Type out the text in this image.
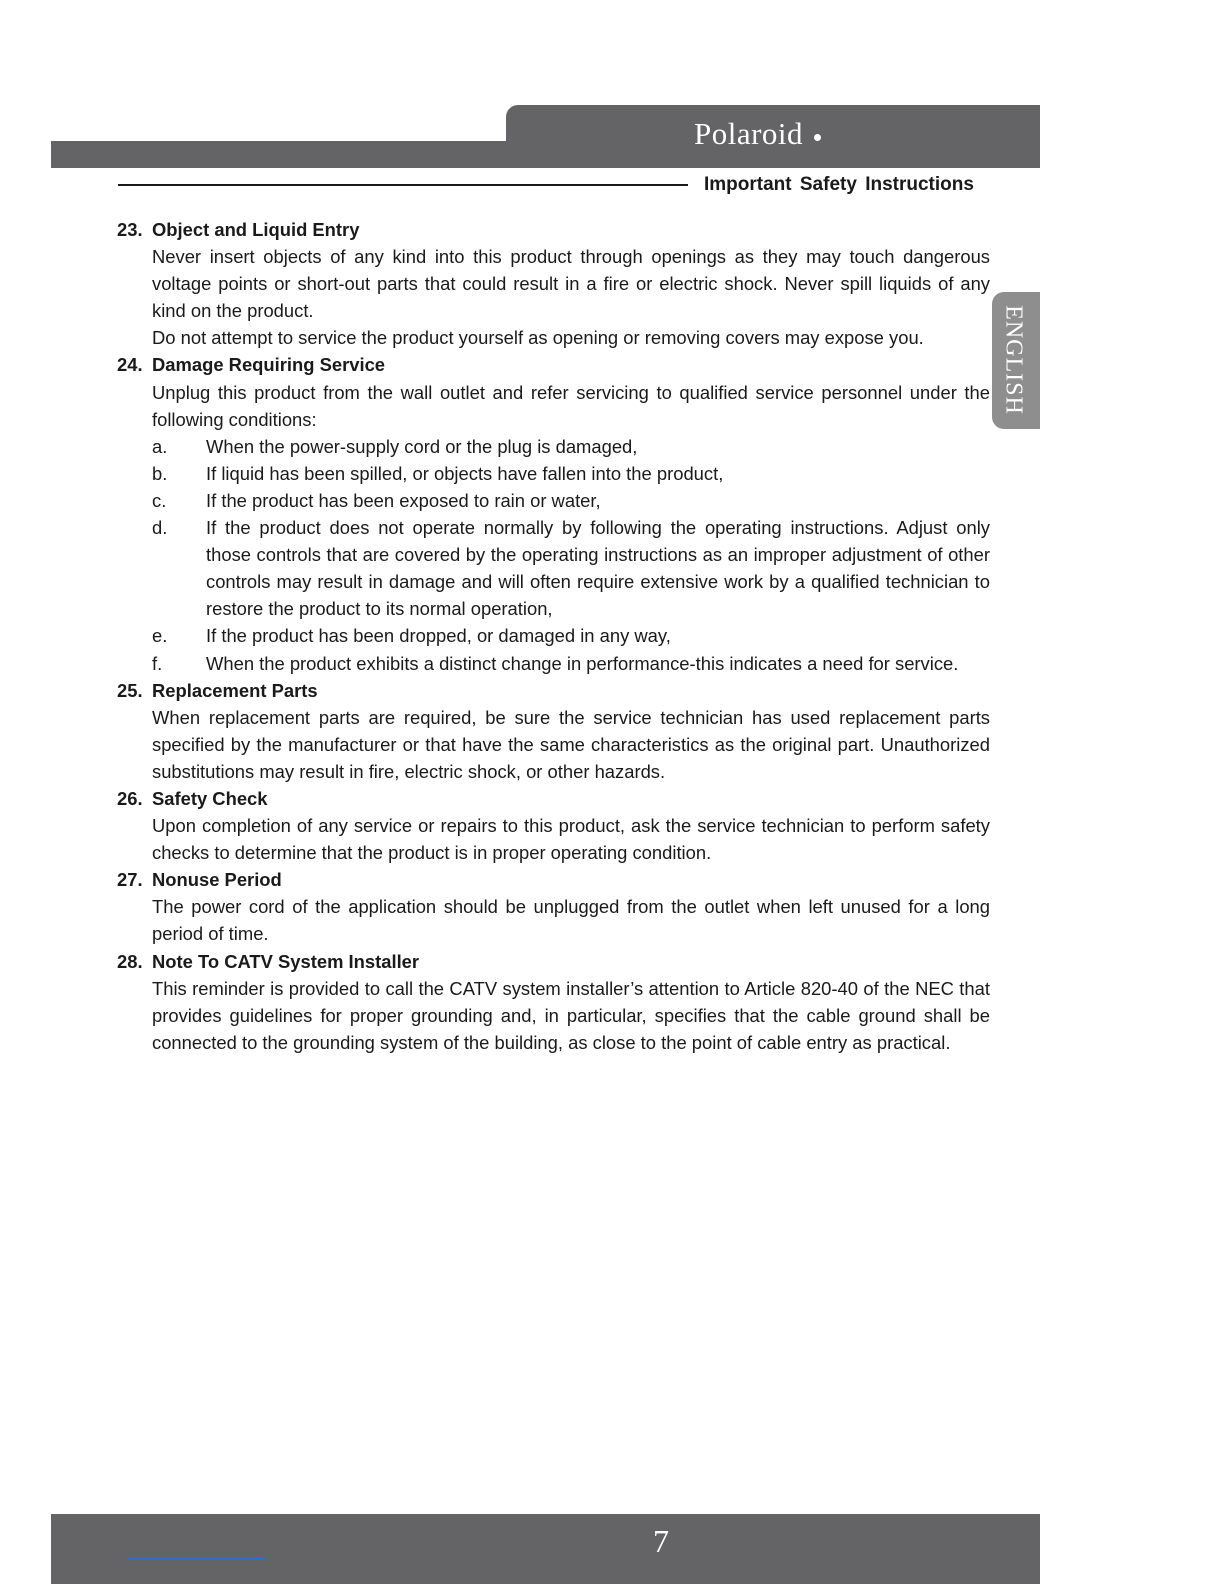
Polaroid
Important Safety Instructions
ENGLISH
23. Object and Liquid Entry
Never insert objects of any kind into this product through openings as they may touch dangerous voltage points or short-out parts that could result in a fire or electric shock. Never spill liquids of any kind on the product.
Do not attempt to service the product yourself as opening or removing covers may expose you.
24. Damage Requiring Service
Unplug this product from the wall outlet and refer servicing to qualified service personnel under the following conditions:
a.	When the power-supply cord or the plug is damaged,
b.	If liquid has been spilled, or objects have fallen into the product,
c.	If the product has been exposed to rain or water,
d.	If the product does not operate normally by following the operating instructions. Adjust only those controls that are covered by the operating instructions as an improper adjustment of other controls may result in damage and will often require extensive work by a qualified technician to restore the product to its normal operation,
e.	If the product has been dropped, or damaged in any way,
f.	When the product exhibits a distinct change in performance-this indicates a need for service.
25. Replacement Parts
When replacement parts are required, be sure the service technician has used replacement parts specified by the manufacturer or that have the same characteristics as the original part. Unauthorized substitutions may result in fire, electric shock, or other hazards.
26. Safety Check
Upon completion of any service or repairs to this product, ask the service technician to perform safety checks to determine that the product is in proper operating condition.
27. Nonuse Period
The power cord of the application should be unplugged from the outlet when left unused for a long period of time.
28. Note To CATV System Installer
This reminder is provided to call the CATV system installer’s attention to Article 820-40 of the NEC that provides guidelines for proper grounding and, in particular, specifies that the cable ground shall be connected to the grounding system of the building, as close to the point of cable entry as practical.
7
